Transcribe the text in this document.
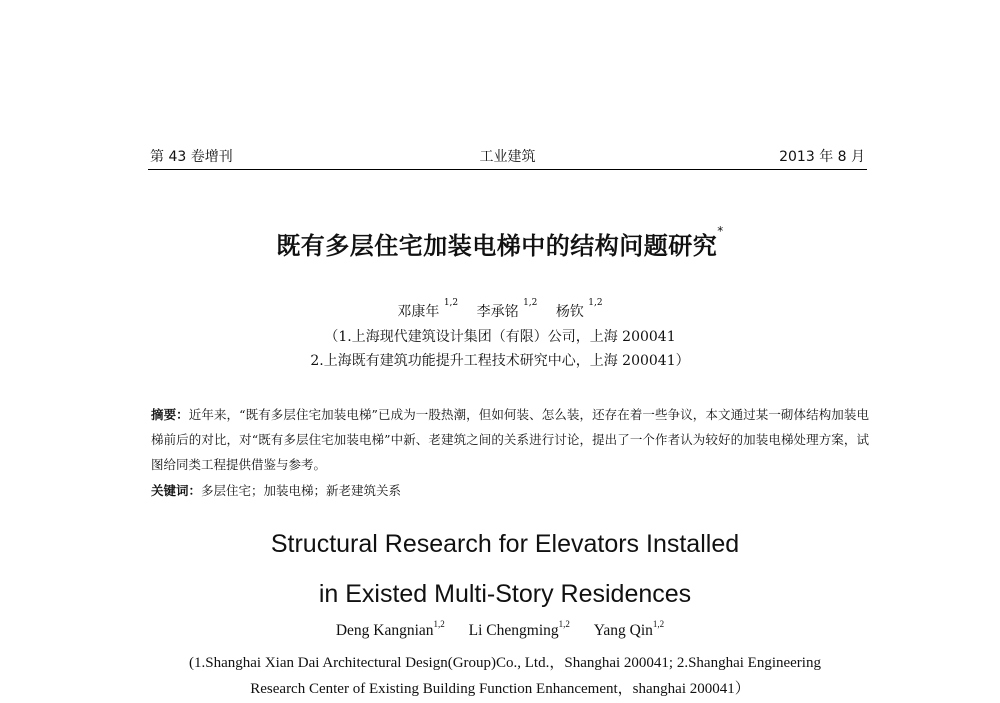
第 43 卷增刊	工业建筑	2013 年 8 月
既有多层住宅加装电梯中的结构问题研究*
邓康年 $^{1,2}$ 李承铭 $^{1,2}$ 杨钦 $^{1,2}$
（1.上海现代建筑设计集团（有限）公司，上海 200041
2.上海既有建筑功能提升工程技术研究中心，上海 200041）
摘要：近年来，“既有多层住宅加装电梯”已成为一股热潮，但如何装、怎么装，还存在着一些争议，本文通过某一砌体结构加装电梯前后的对比，对“既有多层住宅加装电梯”中新、老建筑之间的关系进行讨论，提出了一个作者认为较好的加装电梯处理方案，试图给同类工程提供借鉴与参考。
关键词：多层住宅；加装电梯；新老建筑关系
Structural Research for Elevators Installed
in Existed Multi-Story Residences
Deng Kangnian$^{1,2}$ Li Chengming$^{1,2}$ Yang Qin$^{1,2}$
(1.Shanghai Xian Dai Architectural Design(Group)Co., Ltd.，Shanghai 200041; 2.Shanghai Engineering
Research Center of Existing Building Function Enhancement，shanghai 200041）
